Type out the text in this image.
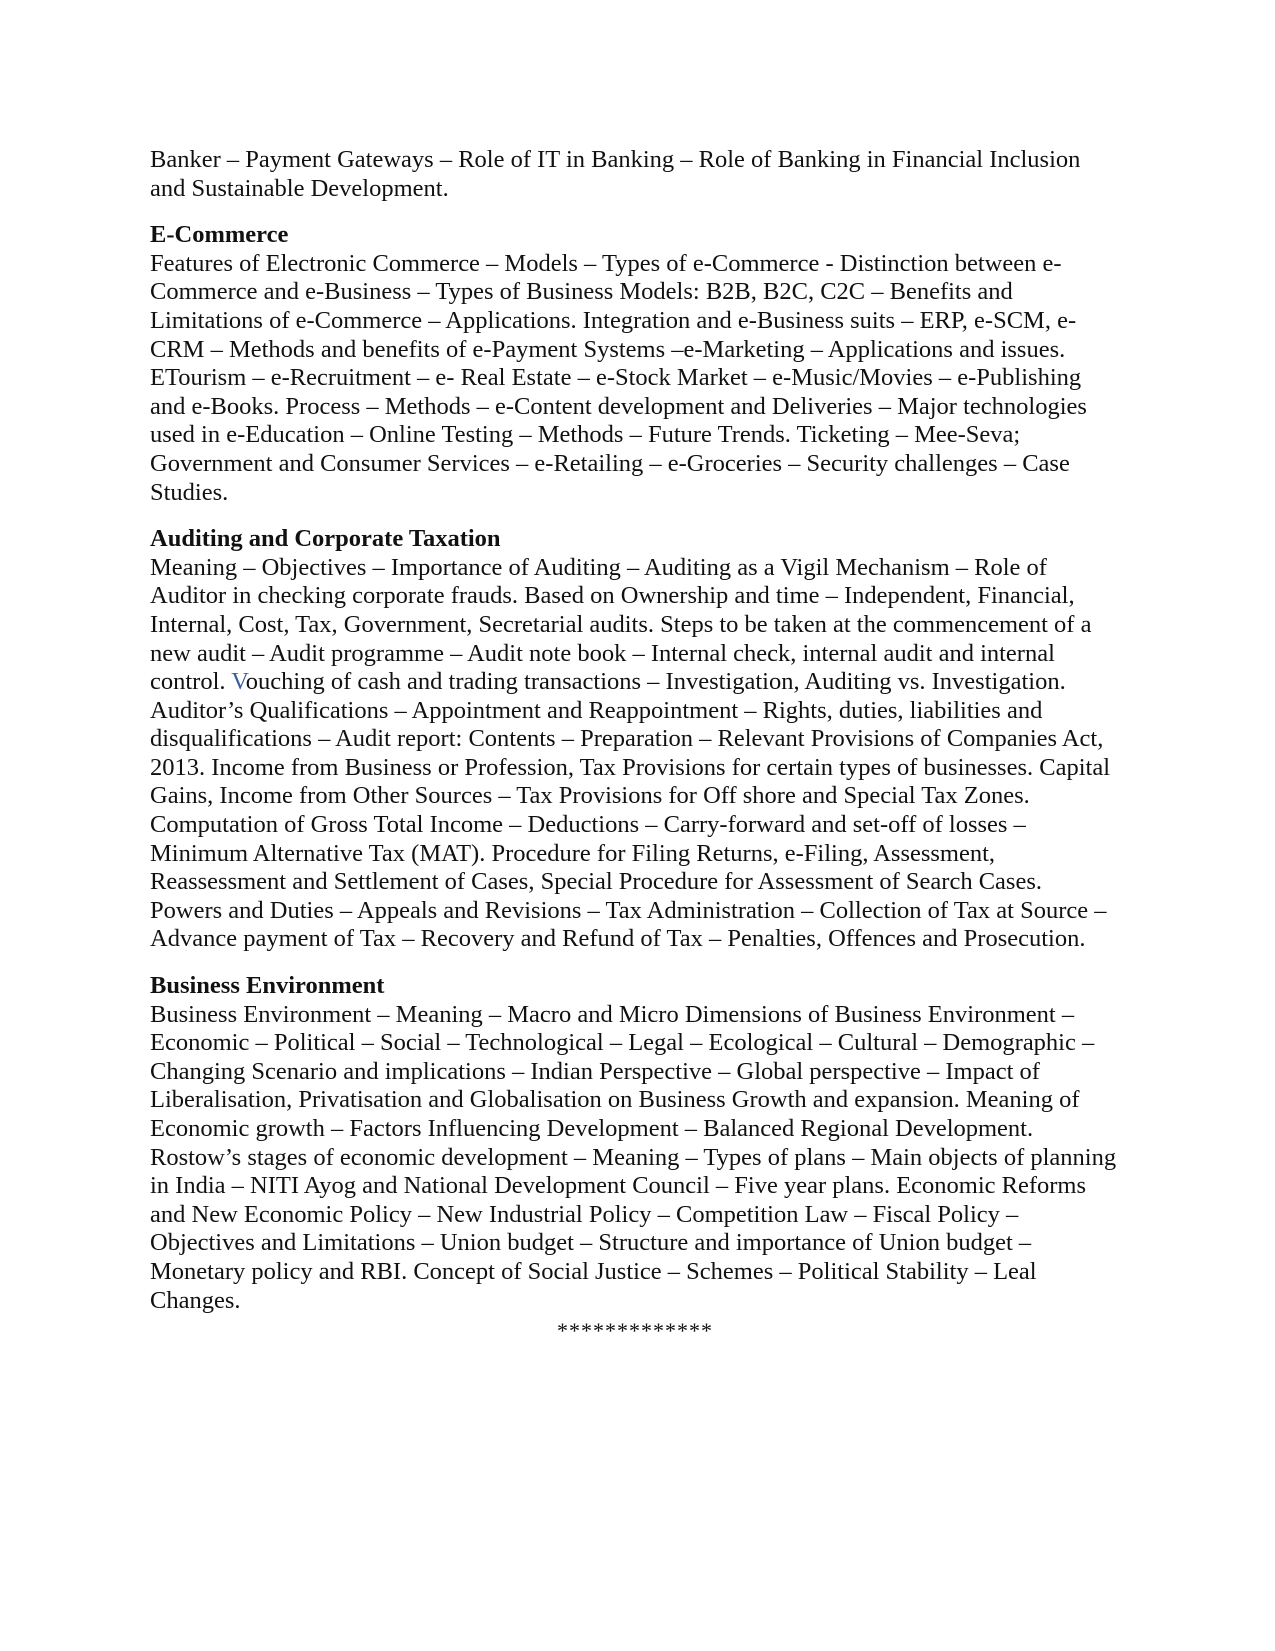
Banker – Payment Gateways – Role of IT in Banking – Role of Banking in Financial Inclusion and Sustainable Development.

E-Commerce

Features of Electronic Commerce – Models – Types of e-Commerce - Distinction between e-Commerce and e-Business – Types of Business Models: B2B, B2C, C2C – Benefits and Limitations of e-Commerce – Applications. Integration and e-Business suits – ERP, e-SCM, e-CRM – Methods and benefits of e-Payment Systems –e-Marketing – Applications and issues. ETourism – e-Recruitment – e- Real Estate – e-Stock Market – e-Music/Movies – e-Publishing and e-Books. Process – Methods – e-Content development and Deliveries – Major technologies used in e-Education – Online Testing – Methods – Future Trends. Ticketing – Mee-Seva; Government and Consumer Services – e-Retailing – e-Groceries – Security challenges – Case Studies.

Auditing and Corporate Taxation

Meaning – Objectives – Importance of Auditing – Auditing as a Vigil Mechanism – Role of Auditor in checking corporate frauds. Based on Ownership and time – Independent, Financial, Internal, Cost, Tax, Government, Secretarial audits. Steps to be taken at the commencement of a new audit – Audit programme – Audit note book – Internal check, internal audit and internal control. Vouching of cash and trading transactions – Investigation, Auditing vs. Investigation. Auditor’s Qualifications – Appointment and Reappointment – Rights, duties, liabilities and disqualifications – Audit report: Contents – Preparation – Relevant Provisions of Companies Act, 2013. Income from Business or Profession, Tax Provisions for certain types of businesses. Capital Gains, Income from Other Sources – Tax Provisions for Off shore and Special Tax Zones. Computation of Gross Total Income – Deductions – Carry-forward and set-off of losses – Minimum Alternative Tax (MAT). Procedure for Filing Returns, e-Filing, Assessment, Reassessment and Settlement of Cases, Special Procedure for Assessment of Search Cases. Powers and Duties – Appeals and Revisions – Tax Administration – Collection of Tax at Source – Advance payment of Tax – Recovery and Refund of Tax – Penalties, Offences and Prosecution.

Business Environment

Business Environment – Meaning – Macro and Micro Dimensions of Business Environment – Economic – Political – Social – Technological – Legal – Ecological – Cultural – Demographic – Changing Scenario and implications – Indian Perspective – Global perspective – Impact of Liberalisation, Privatisation and Globalisation on Business Growth and expansion. Meaning of Economic growth – Factors Influencing Development – Balanced Regional Development. Rostow’s stages of economic development – Meaning – Types of plans – Main objects of planning in India – NITI Ayog and National Development Council – Five year plans. Economic Reforms and New Economic Policy – New Industrial Policy – Competition Law – Fiscal Policy – Objectives and Limitations – Union budget – Structure and importance of Union budget – Monetary policy and RBI. Concept of Social Justice – Schemes – Political Stability – Leal Changes.

*************
